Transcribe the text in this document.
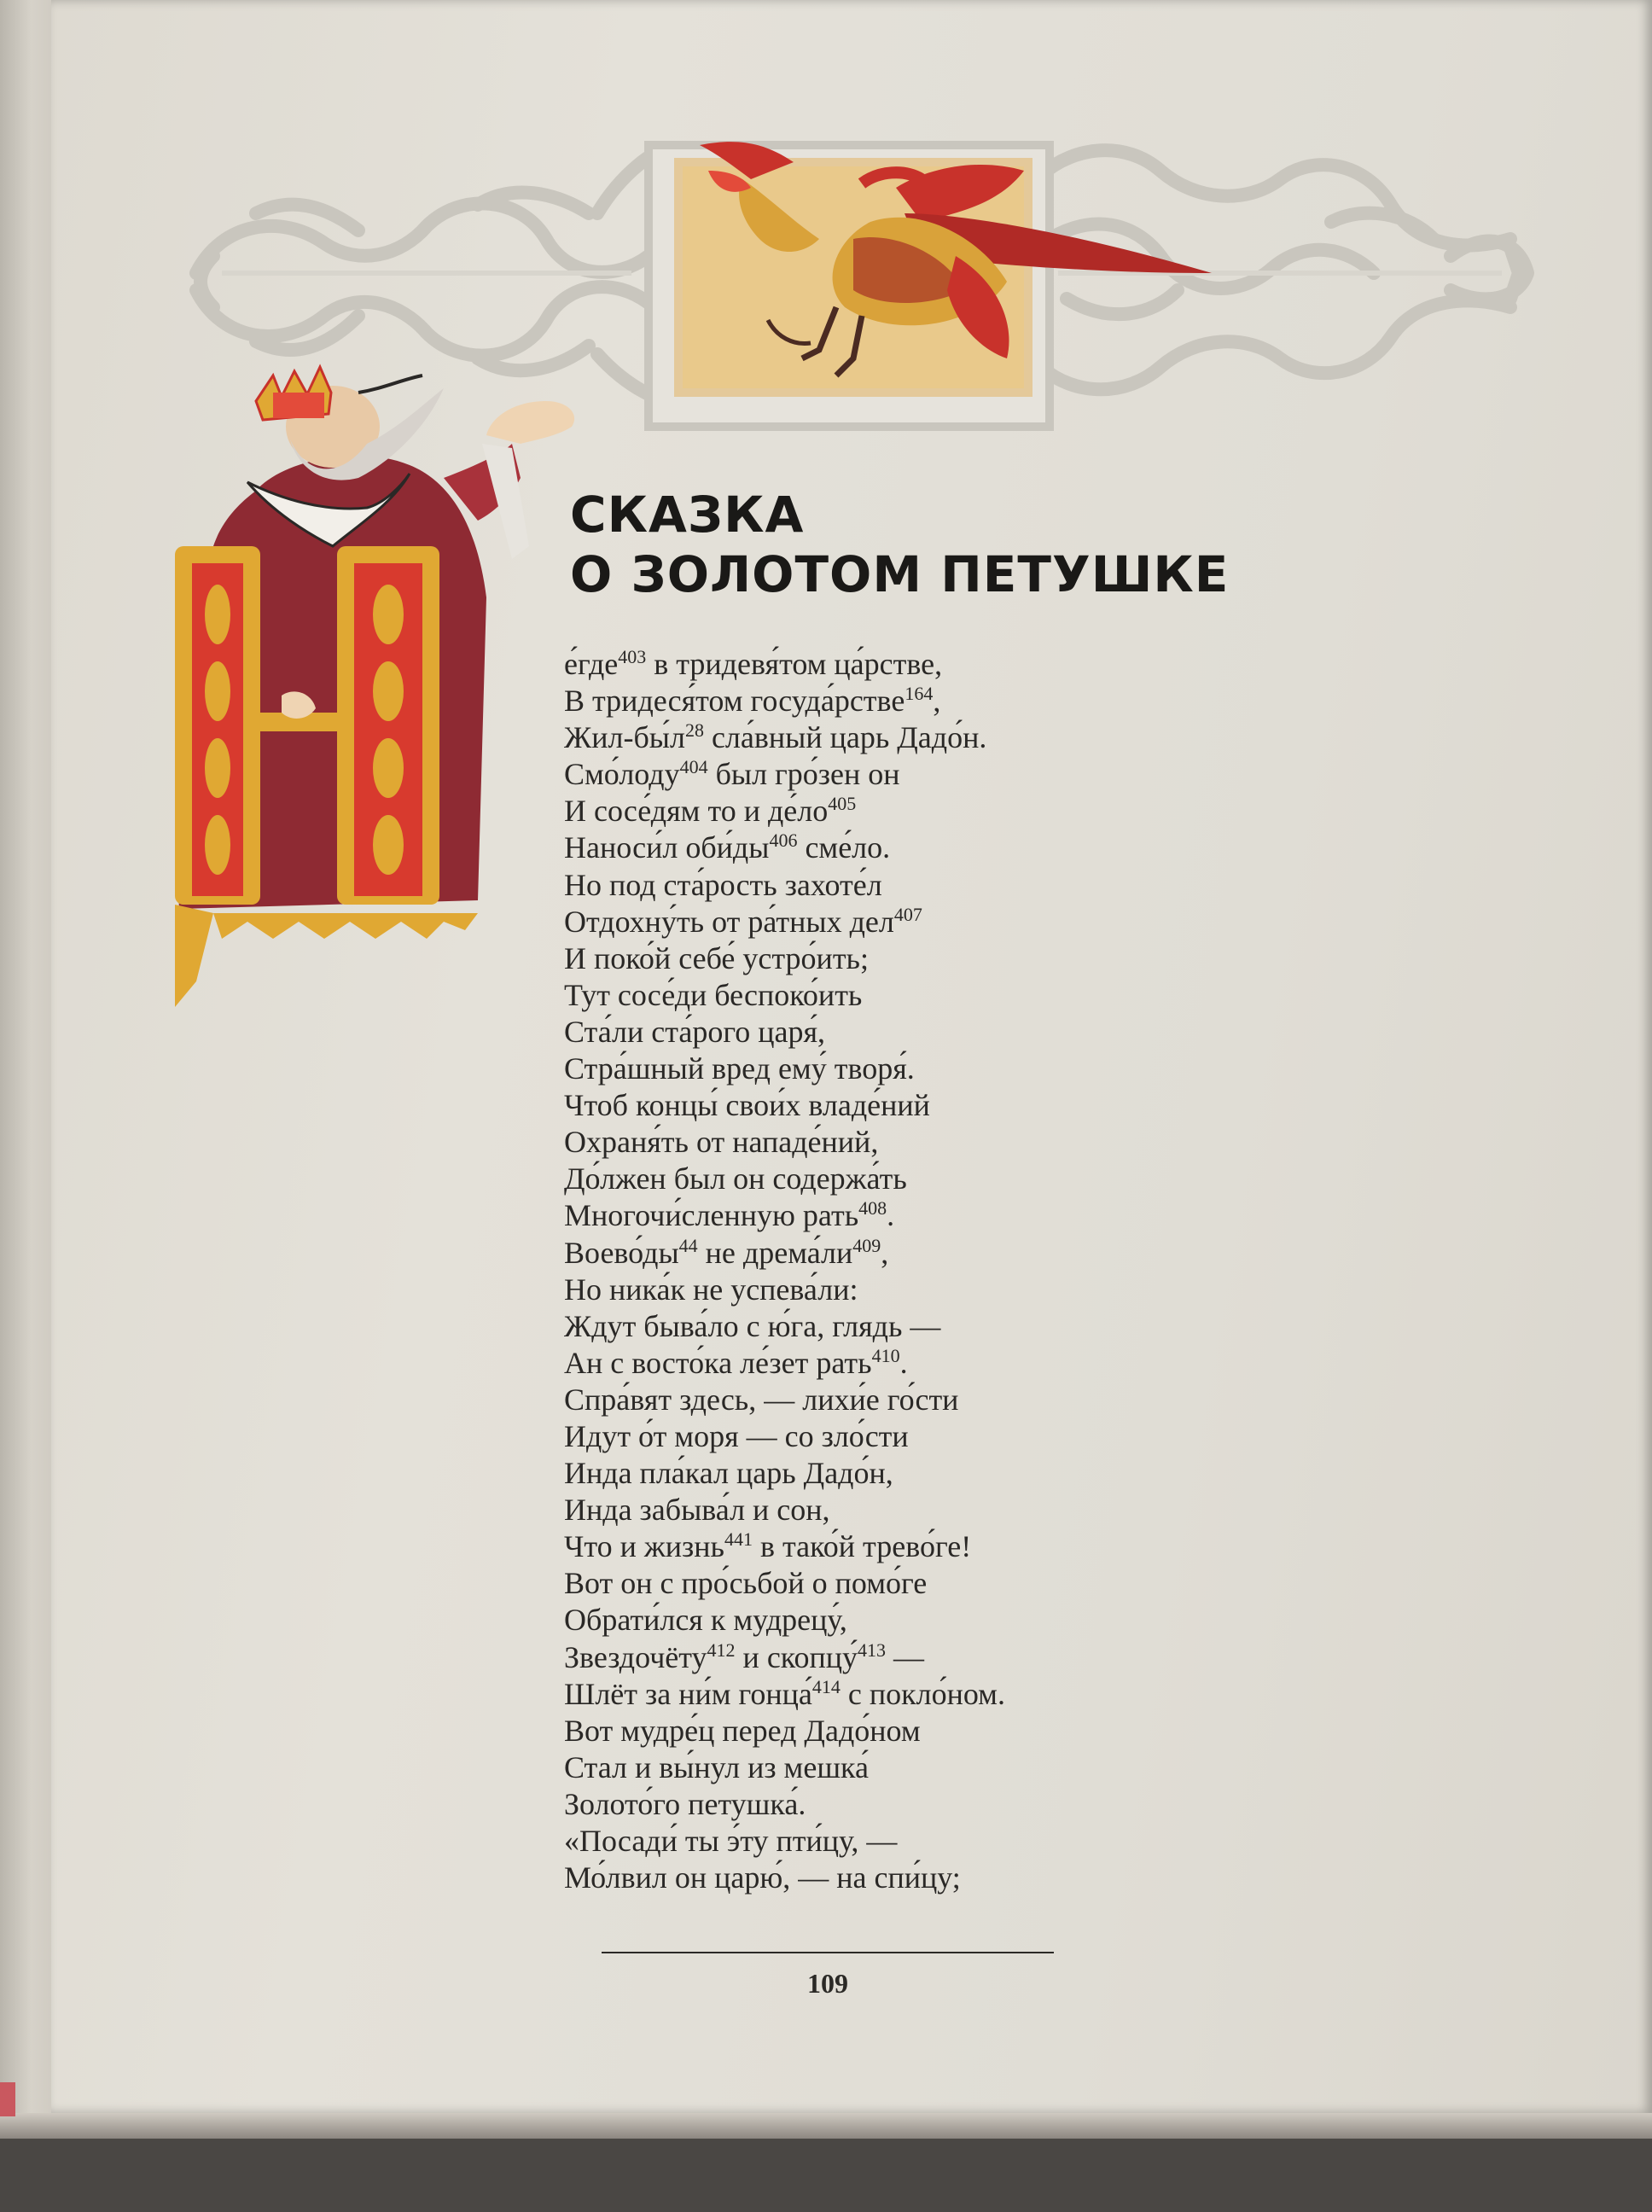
СКАЗКА
О ЗОЛОТОМ ПЕТУШКЕ
е́где$^{403}$ в тридевя́том ца́рстве,
В тридеся́том госуда́рстве$^{164}$,
Жил-$бы́л^{28}$ сла́вный царь Дадо́н.
Смо́лоду$^{404}$ был гро́зен он
И сосе́дям то и $де́ло^{405}$
Наноси́л $оби́ды^{406}$ сме́ло.
Но под ста́рость захоте́л
Отдохну́ть от ра́тных дел$^{407}$
И поко́й себе́ устро́ить;
Тут сосе́ди беспоко́ить
Ста́ли ста́рого царя́,
Стра́шный вред ему́ творя́.
Чтоб концы́ свои́х владе́ний
Охраня́ть от нападе́ний,
До́лжен был он содержа́ть
Многочи́сленную рать$^{408}$.
$Воево́ды^{44}$ не $дрема́ли^{409}$,
Но ника́к не успева́ли:
Ждут быва́ло с ю́га, глядь —
Ан с восто́ка ле́зет рать$^{410}$.
Спра́вят здесь, — лихи́е го́сти
Идут о́т моря — со зло́сти
Инда пла́кал царь Дадо́н,
Инда забыва́л и сон,
Что и жизнь$^{441}$ в тако́й трево́ге!
Вот он с про́сьбой о помо́ге
Обрати́лся к мудрецу́,
Звездочёту$^{412}$ и скопцу́$^{413}$ —
Шлёт за ни́м гонца́$^{414}$ с покло́ном.
Вот мудре́ц перед Дадо́ном
Стал и вы́нул из мешка́
Золото́го петушка́.
«Посади́ ты э́ту пти́цу, —
Мо́лвил он царю́, — на спи́цу;
109
